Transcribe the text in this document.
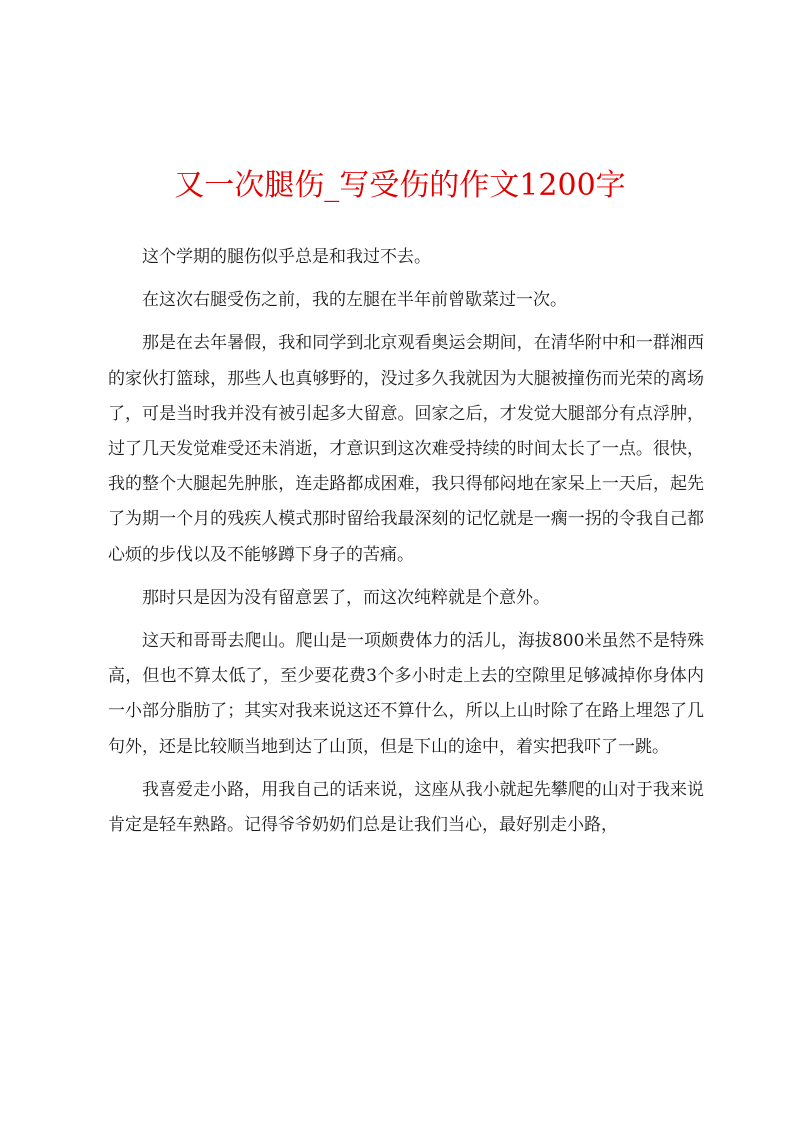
又一次腿伤_写受伤的作文1200字

这个学期的腿伤似乎总是和我过不去。

在这次右腿受伤之前，我的左腿在半年前曾歇菜过一次。

那是在去年暑假，我和同学到北京观看奥运会期间，在清华附中和一群湘西的家伙打篮球，那些人也真够野的，没过多久我就因为大腿被撞伤而光荣的离场了，可是当时我并没有被引起多大留意。回家之后，才发觉大腿部分有点浮肿，过了几天发觉难受还未消逝，才意识到这次难受持续的时间太长了一点。很快，我的整个大腿起先肿胀，连走路都成困难，我只得郁闷地在家呆上一天后，起先了为期一个月的残疾人模式那时留给我最深刻的记忆就是一瘸一拐的令我自己都心烦的步伐以及不能够蹲下身子的苦痛。

那时只是因为没有留意罢了，而这次纯粹就是个意外。

这天和哥哥去爬山。爬山是一项颇费体力的活儿，海拔800米虽然不是特殊高，但也不算太低了，至少要花费3个多小时走上去的空隙里足够减掉你身体内一小部分脂肪了；其实对我来说这还不算什么，所以上山时除了在路上埋怨了几句外，还是比较顺当地到达了山顶，但是下山的途中，着实把我吓了一跳。

我喜爱走小路，用我自己的话来说，这座从我小就起先攀爬的山对于我来说肯定是轻车熟路。记得爷爷奶奶们总是让我们当心，最好别走小路，
